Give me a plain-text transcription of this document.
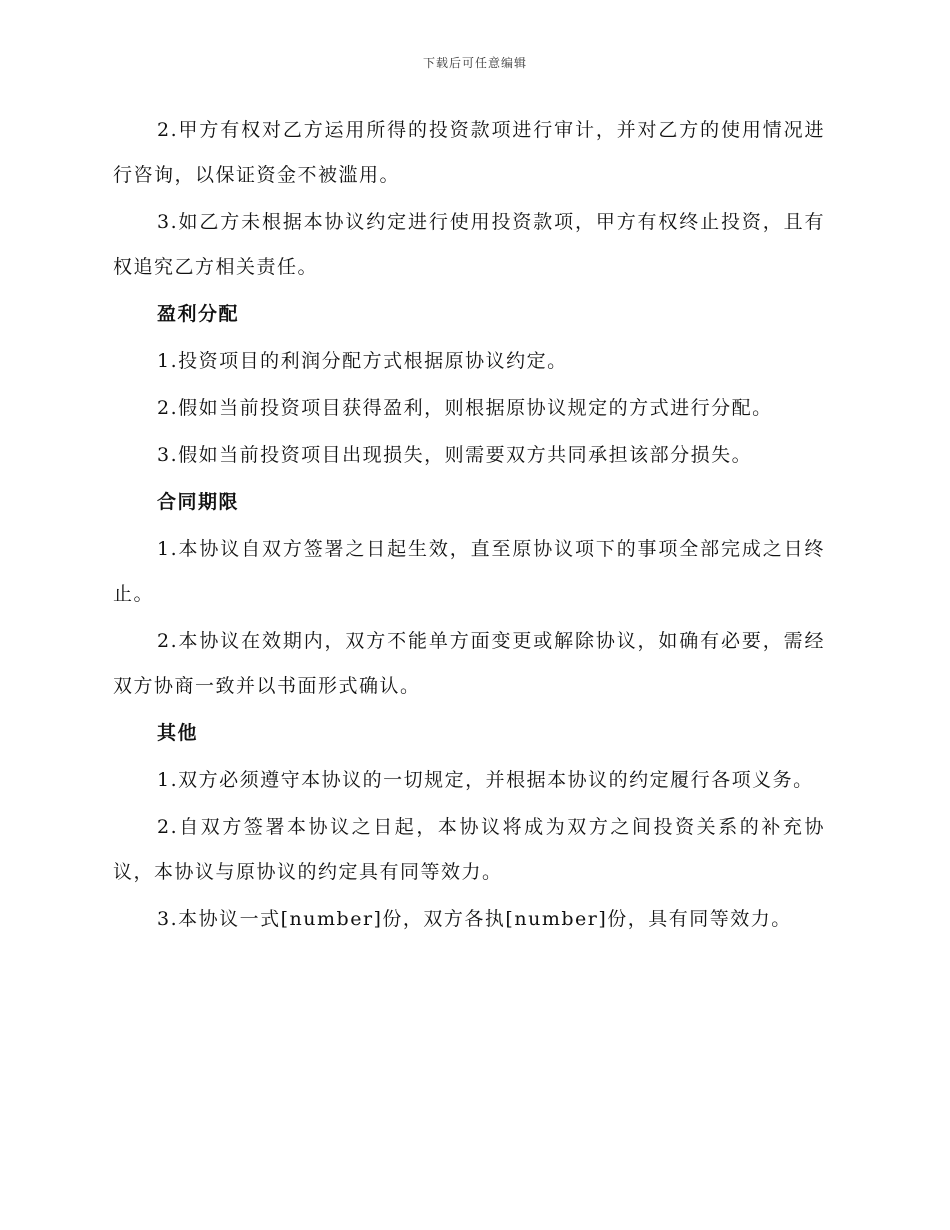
下载后可任意编辑

2.甲方有权对乙方运用所得的投资款项进行审计，并对乙方的使用情况进行咨询，以保证资金不被滥用。

3.如乙方未根据本协议约定进行使用投资款项，甲方有权终止投资，且有权追究乙方相关责任。

盈利分配

1.投资项目的利润分配方式根据原协议约定。

2.假如当前投资项目获得盈利，则根据原协议规定的方式进行分配。

3.假如当前投资项目出现损失，则需要双方共同承担该部分损失。

合同期限

1.本协议自双方签署之日起生效，直至原协议项下的事项全部完成之日终止。

2.本协议在效期内，双方不能单方面变更或解除协议，如确有必要，需经双方协商一致并以书面形式确认。

其他

1.双方必须遵守本协议的一切规定，并根据本协议的约定履行各项义务。

2.自双方签署本协议之日起，本协议将成为双方之间投资关系的补充协议，本协议与原协议的约定具有同等效力。

3.本协议一式[number]份，双方各执[number]份，具有同等效力。
